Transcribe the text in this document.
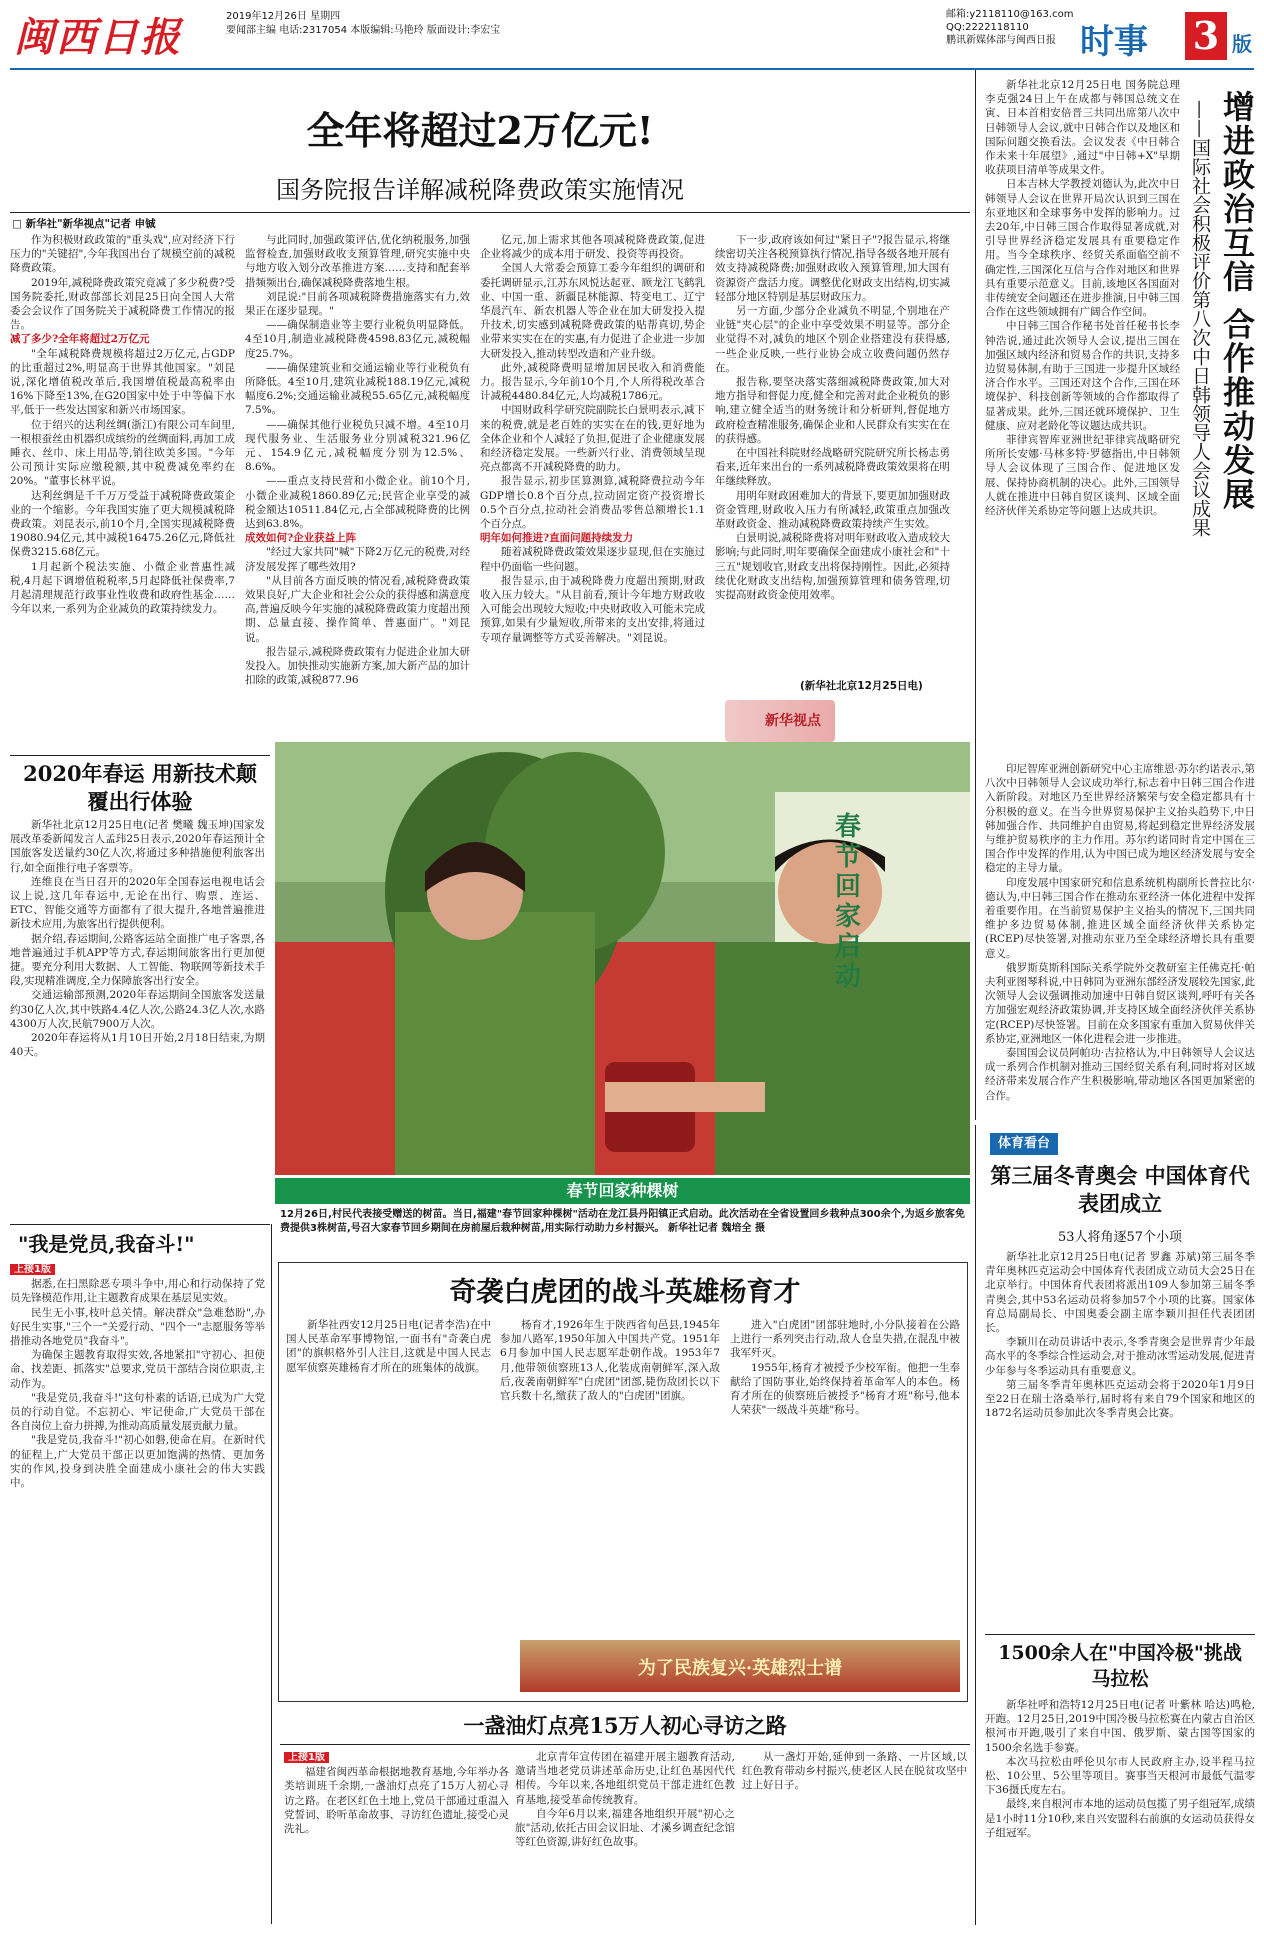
闽西日报	2019年12月26日 星期四
要闻部主编 电话:2317054 本版编辑:马艳玲 版面设计:李宏宝
邮箱:y2118110@163.com
QQ:2222118110
鹏讯新媒体部与闽西日报 时事 3 版
全年将超过2万亿元!
国务院报告详解减税降费政策实施情况
□ 新华社"新华视点"记者 申铖
作为积极财政政策的"重头戏",应对经济下行压力的"关键招",今年我国出台了规模空前的减税降费政策。
2019年,减税降费政策究竟减了多少税费?受国务院委托,财政部部长刘昆25日向全国人大常委会会议作了国务院关于减税降费工作情况的报告。
减了多少?全年将超过2万亿元
"全年减税降费规模将超过2万亿元,占GDP的比重超过2%,明显高于世界其他国家。"刘昆说,深化增值税改革后,我国增值税最高税率由16%下降至13%,在G20国家中处于中等偏下水平,低于一些发达国家和新兴市场国家。
位于绍兴的达利丝绸(浙江)有限公司车间里,一根根蚕丝由机器织成缤纷的丝绸面料,再加工成睡衣、丝巾、床上用品等,销往欧美多国。"今年公司预计实际应缴税额,其中税费减免率约在20%。"董事长林平说。
达利丝绸是千千万万受益于减税降费政策企业的一个缩影。今年我国实施了更大规模减税降费政策。刘昆表示,前10个月,全国实现减税降费19080.94亿元,其中减税16475.26亿元,降低社保费3215.68亿元。
1月起新个税法实施、小微企业普惠性减税,4月起下调增值税税率,5月起降低社保费率,7月起清理规范行政事业性收费和政府性基金……今年以来,一系列为企业减负的政策持续发力。
与此同时,加强政策评估,优化纳税服务,加强监督检查,加强财政收支预算管理,研究实施中央与地方收入划分改革推进方案……支持和配套举措频频出台,确保减税降费落地生根。
刘昆说:"目前各项减税降费措施落实有力,效果正在逐步显现。"
——确保制造业等主要行业税负明显降低。4至10月,制造业减税降费4598.83亿元,减税幅度25.7%。
——确保建筑业和交通运输业等行业税负有所降低。4至10月,建筑业减税188.19亿元,减税幅度6.2%;交通运输业减税55.65亿元,减税幅度7.5%。
——确保其他行业税负只减不增。4至10月现代服务业、生活服务业分别减税321.96亿元、154.9亿元,减税幅度分别为12.5%、8.6%。
——重点支持民营和小微企业。前10个月,小微企业减税1860.89亿元;民营企业享受的减税金额达10511.84亿元,占全部减税降费的比例达到63.8%。
成效如何?企业获益上阵
"经过大家共同"喊"下降2万亿元的税费,对经济发展发挥了哪些效用?
"从目前各方面反映的情况看,减税降费政策效果良好,广大企业和社会公众的获得感和满意度高,普遍反映今年实施的减税降费政策力度超出预期、总量直接、操作简单、普惠面广。"刘昆说。
报告显示,减税降费政策有力促进企业加大研发投入。加快推动实施新方案,加大新产品的加计扣除的政策,减税877.96
亿元,加上需求其他各项减税降费政策,促进企业将减少的成本用于研发、投资等再投资。
全国人大常委会预算工委今年组织的调研和委托调研显示,江苏东风悦达起亚、顾龙江飞鹤乳业、中国一重、新疆昆林能源、特变电工、辽宁华晨汽车、新农机器人等企业在加大研发投入提升技术,切实感到减税降费政策的贴帮真切,势企业带来实实在在的实惠,有力促进了企业进一步加大研发投入,推动转型改造和产业升级。
此外,减税降费明显增加居民收入和消费能力。报告显示,今年前10个月,个人所得税改革合计减税4480.84亿元,人均减税1786元。
中国财政科学研究院副院长白景明表示,减下来的税费,就是老百姓的实实在在的钱,更好地为全体企业和个人减轻了负担,促进了企业健康发展和经济稳定发展。一些新兴行业、消费领域呈现亮点都离不开减税降费的助力。
报告显示,初步匡算测算,减税降费拉动今年GDP增长0.8个百分点,拉动固定资产投资增长0.5个百分点,拉动社会消费品零售总额增长1.1个百分点。
明年如何推进?直面问题持续发力
随着减税降费政策效果逐步显现,但在实施过程中仍面临一些问题。
报告显示,由于减税降费力度超出预期,财政收入压力较大。"从目前看,预计今年地方财政收入可能会出现较大短收;中央财政收入可能未完成预算,如果有少量短收,所带来的支出安排,将通过专项存量调整等方式妥善解决。"刘昆说。
下一步,政府该如何过"紧日子"?报告显示,将继续密切关注各税预算执行情况,指导各级各地开展有效支持减税降费;加强财政收入预算管理,加大国有资源资产盘活力度。调整优化财政支出结构,切实减轻部分地区特别是基层财政压力。
另一方面,少部分企业减负不明显,个别地在产业链"夹心层"的企业中享受效果不明显等。部分企业觉得不对,减负的地区个别企业搭建没有获得感,一些企业反映,一些行业协会成立收费问题仍然存在。
报告称,要坚决落实落细减税降费政策,加大对地方指导和督促力度,健全和完善对此企业税负的影响,建立健全适当的财务统计和分析研判,督促地方政府检查精准服务,确保企业和人民群众有实实在在的获得感。
在中国社科院财经战略研究院研究所长杨志勇看来,近年来出台的一系列减税降费政策效果将在明年继续释放。
用明年财政困难加大的背景下,要更加加强财政资金管理,财政收入压力有所减轻,政策重点加强改革财政资金、推动减税降费政策持续产生实效。
白景明说,减税降费将对明年财政收入造成较大影响;与此同时,明年要确保全面建成小康社会和"十三五"规划收官,财政支出将保持刚性。因此,必须持续优化财政支出结构,加强预算管理和债务管理,切实提高财政资金使用效率。
(新华社北京12月25日电)
新华视点
增进政治互信 合作推动发展
——国际社会积极评价第八次中日韩领导人会议成果
新华社北京12月25日电 国务院总理李克强24日上午在成都与韩国总统文在寅、日本首相安倍晋三共同出席第八次中日韩领导人会议,就中日韩合作以及地区和国际问题交换看法。会议发表《中日韩合作未来十年展望》,通过"中日韩+X"早期收获项目清单等成果文件。
日本吉林大学教授刘德认为,此次中日韩领导人会议在世界开局次认识到三国在东亚地区和全球事务中发挥的影响力。过去20年,中日韩三国合作取得显著成就,对引导世界经济稳定发展具有重要稳定作用。当今全球秩序、经贸关系面临空前不确定性,三国深化互信与合作对地区和世界具有重要示范意义。目前,该地区各国面对非传统安全问题还在进步推演,日中韩三国合作在这些领域拥有广阔合作空间。
中日韩三国合作秘书处首任秘书长李钟浩说,通过此次领导人会议,提出三国在加强区域内经济和贸易合作的共识,支持多边贸易体制,有助于三国进一步提升区域经济合作水平。三国还对这个合作,三国在环境保护、科技创新等领域的合作都取得了显著成果。此外,三国还就环境保护、卫生健康、应对老龄化等议题达成共识。
菲律宾智库亚洲世纪菲律宾战略研究所所长安娜·马林多特·罗德指出,中日韩领导人会议体现了三国合作、促进地区发展、保持协商机制的决心。此外,三国领导人就在推进中日韩自贸区谈判、区域全面经济伙伴关系协定等问题上达成共识。
印尼智库亚洲创新研究中心主席维恩·苏尔约诺表示,第八次中日韩领导人会议成功举行,标志着中日韩三国合作进入新阶段。对地区乃至世界经济繁荣与安全稳定都具有十分积极的意义。在当今世界贸易保护主义抬头趋势下,中日韩加强合作、共同维护自由贸易,将起到稳定世界经济发展与维护贸易秩序的主力作用。苏尔约诺同时肯定中国在三国合作中发挥的作用,认为中国已成为地区经济发展与安全稳定的主导力量。
印度发展中国家研究和信息系统机构副所长普拉比尔·德认为,中日韩三国合作在推动东亚经济一体化进程中发挥着重要作用。在当前贸易保护主义抬头的情况下,三国共同维护多边贸易体制,推进区域全面经济伙伴关系协定(RCEP)尽快签署,对推动东亚乃至全球经济增长具有重要意义。
俄罗斯莫斯科国际关系学院外交教研室主任佛克托·帕夫利亚图琴科说,中日韩同为亚洲东部经济发展较先国家,此次领导人会议强调推动加速中日韩自贸区谈判,呼吁有关各方加强宏观经济政策协调,并支持区域全面经济伙伴关系协定(RCEP)尽快签署。目前在众多国家有重加入贸易伙伴关系协定,亚洲地区一体化进程会进一步推进。
泰国国会议员阿帕功·吉拉格认为,中日韩领导人会议达成一系列合作机制对推动三国经贸关系有利,同时将对区域经济带来发展合作产生积极影响,带动地区各国更加紧密的合作。
2020年春运 用新技术颠覆出行体验
新华社北京12月25日电(记者 樊曦 魏玉坤)国家发展改革委新闻发言人孟玮25日表示,2020年春运预计全国旅客发送量约30亿人次,将通过多种措施便利旅客出行,如全面推行电子客票等。
连维良在当日召开的2020年全国春运电视电话会议上说,这几年春运中,无论在出行、购票、连运、ETC、智能交通等方面都有了很大提升,各地普遍推进新技术应用,为旅客出行提供便利。
据介绍,春运期间,公路客运站全面推广电子客票,各地普遍通过手机APP等方式,春运期间旅客出行更加便捷。要充分利用大数据、人工智能、物联网等新技术手段,实现精准调度,全力保障旅客出行安全。
交通运输部预测,2020年春运期间全国旅客发送量约30亿人次,其中铁路4.4亿人次,公路24.3亿人次,水路4300万人次,民航7900万人次。
2020年春运将从1月10日开始,2月18日结束,为期40天。
春节回家 启动
春节回家种棵树
12月26日,村民代表接受赠送的树苗。当日,福建"春节回家种棵树"活动在龙江县丹阳镇正式启动。此次活动在全省设置回乡栽种点300余个,为返乡旅客免费提供3株树苗,号召大家春节回乡期间在房前屋后栽种树苗,用实际行动助力乡村振兴。 新华社记者 魏培全 摄
"我是党员,我奋斗!"
上接1版
据悉,在扫黑除恶专项斗争中,用心和行动保持了党员先锋模范作用,让主题教育成果在基层见实效。
民生无小事,枝叶总关情。解决群众"急难愁盼",办好民生实事,"三个一"关爱行动、"四个一"志愿服务等举措推动各地党员"我奋斗"。
为确保主题教育取得实效,各地紧扣"守初心、担使命、找差距、抓落实"总要求,党员干部结合岗位职责,主动作为。
"我是党员,我奋斗!"这句朴素的话语,已成为广大党员的行动自觉。不忘初心、牢记使命,广大党员干部在各自岗位上奋力拼搏,为推动高质量发展贡献力量。
"我是党员,我奋斗!"初心如磐,使命在肩。在新时代的征程上,广大党员干部正以更加饱满的热情、更加务实的作风,投身到决胜全面建成小康社会的伟大实践中。
奇袭白虎团的战斗英雄杨育才
新华社西安12月25日电(记者李浩)在中国人民革命军事博物馆,一面书有"奇袭白虎团"的旗帜格外引人注目,这就是中国人民志愿军侦察英雄杨育才所在的班集体的战旗。
杨育才,1926年生于陕西省旬邑县,1945年参加八路军,1950年加入中国共产党。1951年6月参加中国人民志愿军赴朝作战。1953年7月,他带领侦察班13人,化装成南朝鲜军,深入敌后,夜袭南朝鲜军"白虎团"团部,毙伤敌团长以下官兵数十名,缴获了敌人的"白虎团"团旗。
进入"白虎团"团部驻地时,小分队接着在公路上进行一系列突击行动,敌人仓皇失措,在混乱中被我军歼灭。
1955年,杨育才被授予少校军衔。他把一生奉献给了国防事业,始终保持着革命军人的本色。杨育才所在的侦察班后被授予"杨育才班"称号,他本人荣获"一级战斗英雄"称号。
为了民族复兴·英雄烈士谱
一盏油灯点亮15万人初心寻访之路
上接1版
福建省闽西革命根据地教育基地,今年举办各类培训班千余期,一盏油灯点亮了15万人初心寻访之路。在老区红色土地上,党员干部通过重温入党誓词、聆听革命故事、寻访红色遗址,接受心灵洗礼。
北京青年宣传团在福建开展主题教育活动,邀请当地老党员讲述革命历史,让红色基因代代相传。今年以来,各地组织党员干部走进红色教育基地,接受革命传统教育。
自今年6月以来,福建各地组织开展"初心之旅"活动,依托古田会议旧址、才溪乡调查纪念馆等红色资源,讲好红色故事。
从一盏灯开始,延伸到一条路、一片区域,以红色教育带动乡村振兴,使老区人民在脱贫攻坚中过上好日子。
体育看台
第三届冬青奥会 中国体育代表团成立
53人将角逐57个小项
新华社北京12月25日电(记者 罗鑫 苏斌)第三届冬季青年奥林匹克运动会中国体育代表团成立动员大会25日在北京举行。中国体育代表团将派出109人参加第三届冬季青奥会,其中53名运动员将参加57个小项的比赛。国家体育总局副局长、中国奥委会副主席李颖川担任代表团团长。
李颖川在动员讲话中表示,冬季青奥会是世界青少年最高水平的冬季综合性运动会,对于推动冰雪运动发展,促进青少年参与冬季运动具有重要意义。
第三届冬季青年奥林匹克运动会将于2020年1月9日至22日在瑞士洛桑举行,届时将有来自79个国家和地区的1872名运动员参加此次冬季青奥会比赛。
1500余人在"中国冷极"挑战马拉松
新华社呼和浩特12月25日电(记者 叶紫林 哈达)鸣枪,开跑。12月25日,2019中国冷极马拉松赛在内蒙古自治区根河市开跑,吸引了来自中国、俄罗斯、蒙古国等国家的1500余名选手参赛。
本次马拉松由呼伦贝尔市人民政府主办,设半程马拉松、10公里、5公里等项目。赛事当天根河市最低气温零下36摄氏度左右。
最终,来自根河市本地的运动员包揽了男子组冠军,成绩是1小时11分10秒,来自兴安盟科右前旗的女运动员获得女子组冠军。
